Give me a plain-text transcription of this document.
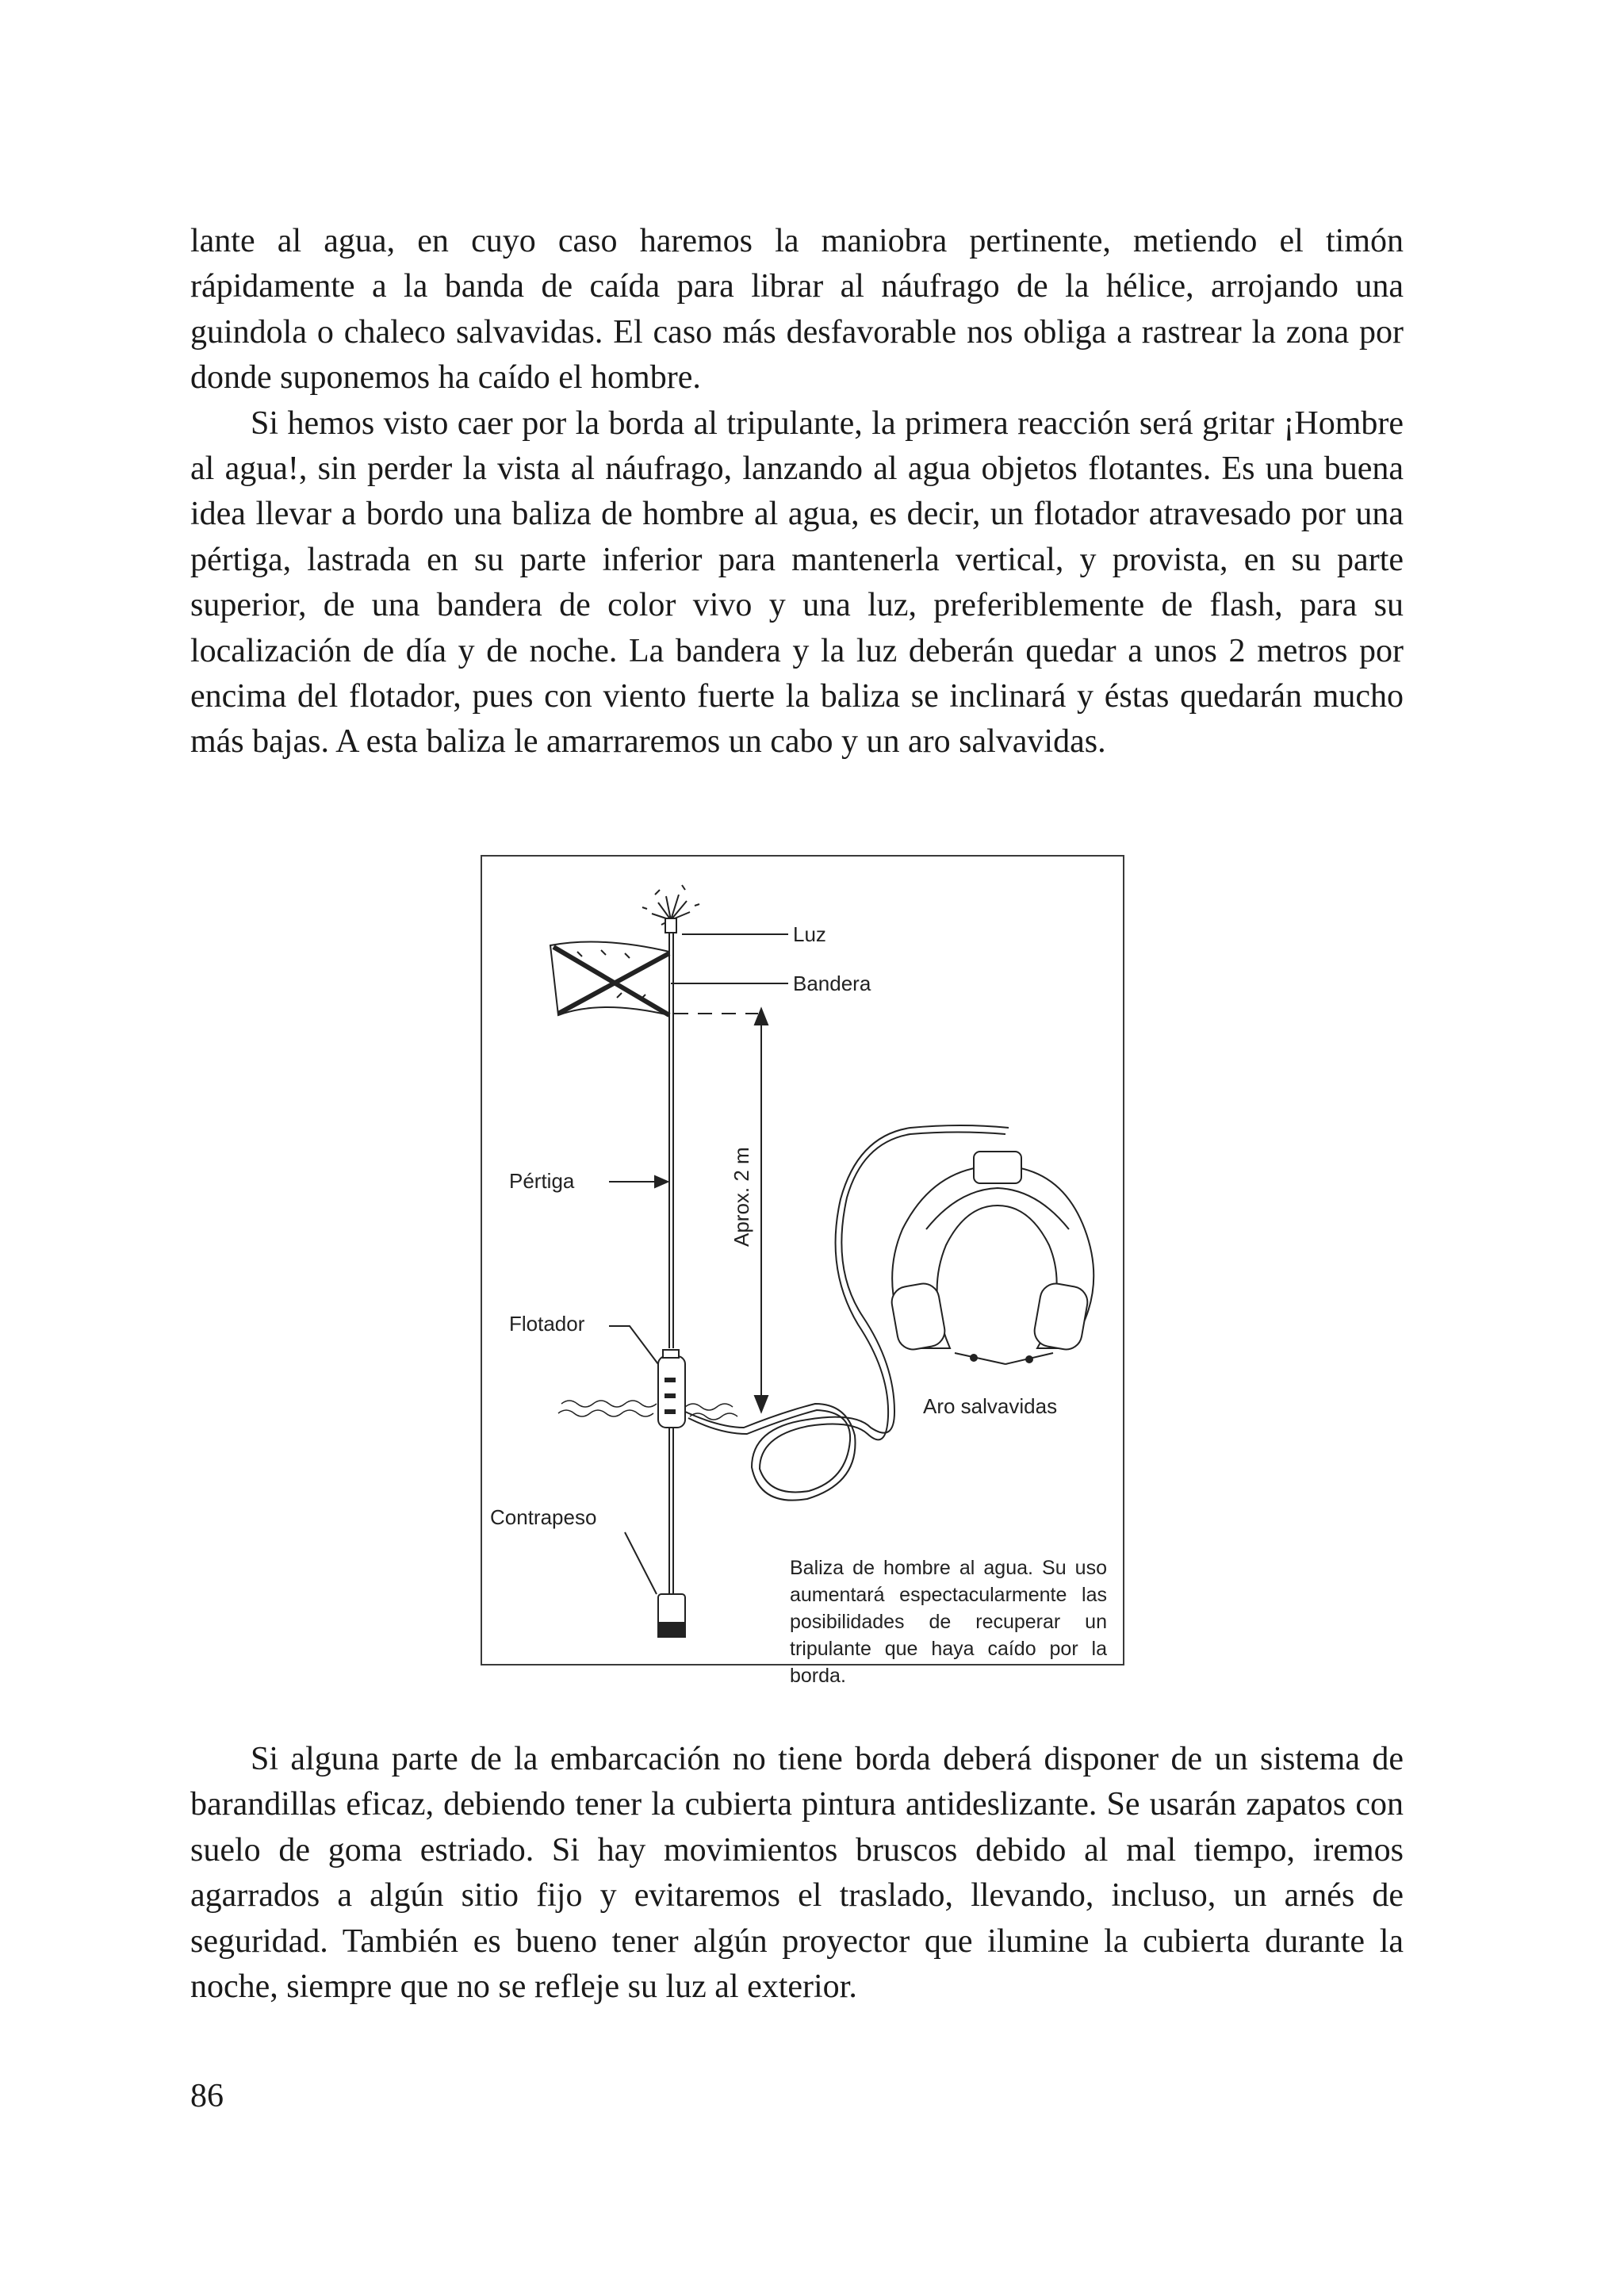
lante al agua, en cuyo caso haremos la maniobra pertinente, metiendo el timón rápidamente a la banda de caída para librar al náufrago de la hélice, arrojando una guindola o chaleco salvavidas. El caso más desfavorable nos obliga a rastrear la zona por donde suponemos ha caído el hombre.

Si hemos visto caer por la borda al tripulante, la primera reacción será gritar ¡Hombre al agua!, sin perder la vista al náufrago, lanzando al agua objetos flotantes. Es una buena idea llevar a bordo una baliza de hombre al agua, es decir, un flotador atravesado por una pértiga, lastrada en su parte inferior para mantenerla vertical, y provista, en su parte superior, de una bandera de color vivo y una luz, preferiblemente de flash, para su localización de día y de noche. La bandera y la luz deberán quedar a unos 2 metros por encima del flotador, pues con viento fuerte la baliza se inclinará y éstas quedarán mucho más bajas. A esta baliza le amarraremos un cabo y un aro salvavidas.

Luz
Bandera
Aprox. 2 m
Pértiga
Flotador
Aro salvavidas
Contrapeso

Baliza de hombre al agua. Su uso aumentará espectacularmente las posibilidades de recuperar un tripulante que haya caído por la borda.

Si alguna parte de la embarcación no tiene borda deberá disponer de un sistema de barandillas eficaz, debiendo tener la cubierta pintura antideslizante. Se usarán zapatos con suelo de goma estriado. Si hay movimientos bruscos debido al mal tiempo, iremos agarrados a algún sitio fijo y evitaremos el traslado, llevando, incluso, un arnés de seguridad. También es bueno tener algún proyector que ilumine la cubierta durante la noche, siempre que no se refleje su luz al exterior.

86
